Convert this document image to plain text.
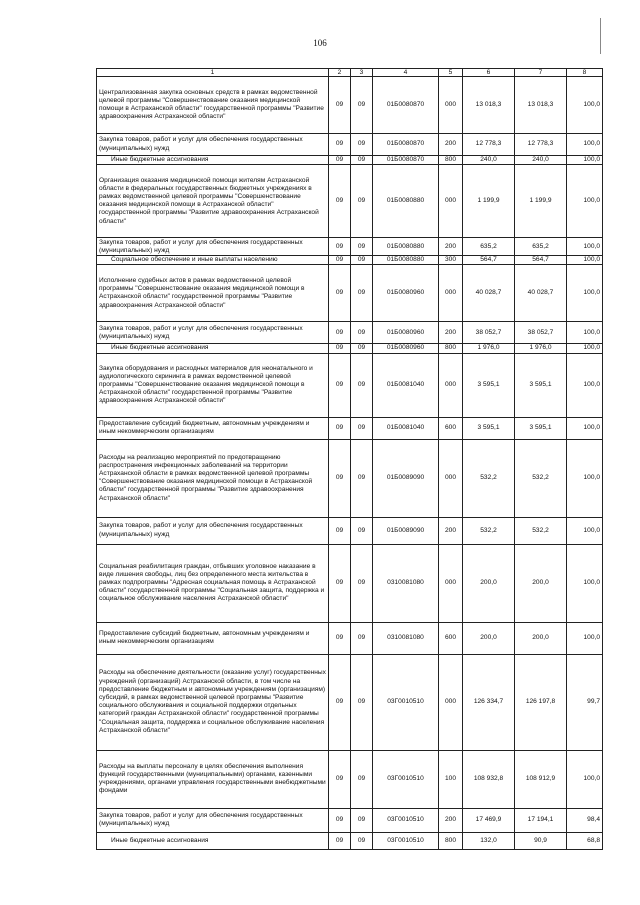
106
1	2	3	4	5	6	7	8
Централизованная закупка основных средств в рамках ведомственной целевой программы "Совершенствование оказания медицинской помощи в Астраханской области" государственной программы "Развитие здравоохранения Астраханской области"	09	09	01Б0080870	000	13 018,3	13 018,3	100,0
Закупка товаров, работ и услуг для обеспечения государственных (муниципальных) нужд	09	09	01Б0080870	200	12 778,3	12 778,3	100,0
Иные бюджетные ассигнования	09	09	01Б0080870	800	240,0	240,0	100,0
Организация оказания медицинской помощи жителям Астраханской области в федеральных государственных бюджетных учреждениях в рамках ведомственной целевой программы "Совершенствование оказания медицинской помощи в Астраханской области" государственной программы "Развитие здравоохранения Астраханской области"	09	09	01Б0080880	000	1 199,9	1 199,9	100,0
Закупка товаров, работ и услуг для обеспечения государственных (муниципальных) нужд	09	09	01Б0080880	200	635,2	635,2	100,0
Социальное обеспечение и иные выплаты населению	09	09	01Б0080880	300	564,7	564,7	100,0
Исполнение судебных актов в рамках ведомственной целевой программы "Совершенствование оказания медицинской помощи в Астраханской области" государственной программы "Развитие здравоохранения Астраханской области"	09	09	01Б0080960	000	40 028,7	40 028,7	100,0
Закупка товаров, работ и услуг для обеспечения государственных (муниципальных) нужд	09	09	01Б0080960	200	38 052,7	38 052,7	100,0
Иные бюджетные ассигнования	09	09	01Б0080960	800	1 976,0	1 976,0	100,0
Закупка оборудования и расходных материалов для неонатального и аудиологического скрининга в рамках ведомственной целевой программы "Совершенствование оказания медицинской помощи в Астраханской области" государственной программы "Развитие здравоохранения Астраханской области"	09	09	01Б0081040	000	3 595,1	3 595,1	100,0
Предоставление субсидий бюджетным, автономным учреждениям и иным некоммерческим организациям	09	09	01Б0081040	600	3 595,1	3 595,1	100,0
Расходы на реализацию мероприятий по предотвращению распространения инфекционных заболеваний на территории Астраханской области в рамках ведомственной целевой программы "Совершенствование оказания медицинской помощи в Астраханской области" государственной программы "Развитие здравоохранения Астраханской области"	09	09	01Б0089090	000	532,2	532,2	100,0
Закупка товаров, работ и услуг для обеспечения государственных (муниципальных) нужд	09	09	01Б0089090	200	532,2	532,2	100,0
Социальная реабилитация граждан, отбывших уголовное наказание в виде лишения свободы, лиц без определенного места жительства в рамках подпрограммы "Адресная социальная помощь в Астраханской области" государственной программы "Социальная защита, поддержка и социальное обслуживание населения Астраханской области"	09	09	0310081080	000	200,0	200,0	100,0
Предоставление субсидий бюджетным, автономным учреждениям и иным некоммерческим организациям	09	09	0310081080	600	200,0	200,0	100,0
Расходы на обеспечение деятельности (оказание услуг) государственных учреждений (организаций) Астраханской области, в том числе на предоставление бюджетным и автономным учреждениям (организациям) субсидий, в рамках ведомственной целевой программы "Развитие социального обслуживания и социальной поддержки отдельных категорий граждан Астраханской области" государственной программы "Социальная защита, поддержка и социальное обслуживание населения Астраханской области"	09	09	03Г0010510	000	126 334,7	126 197,8	99,7
Расходы на выплаты персоналу в целях обеспечения выполнения функций государственными (муниципальными) органами, казенными учреждениями, органами управления государственными внебюджетными фондами	09	09	03Г0010510	100	108 932,8	108 912,9	100,0
Закупка товаров, работ и услуг для обеспечения государственных (муниципальных) нужд	09	09	03Г0010510	200	17 469,9	17 194,1	98,4
Иные бюджетные ассигнования	09	09	03Г0010510	800	132,0	90,9	68,8
